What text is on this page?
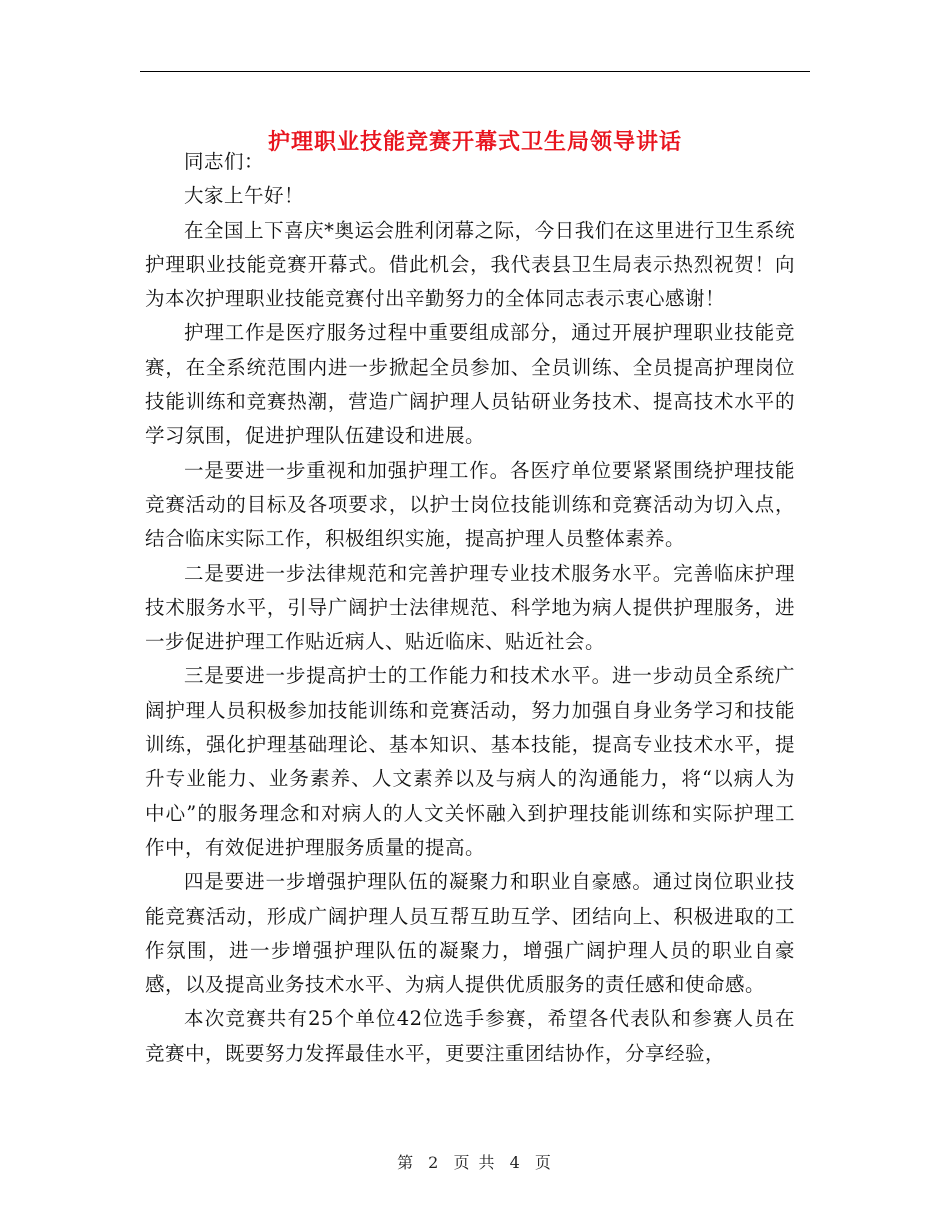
护理职业技能竞赛开幕式卫生局领导讲话

同志们：

大家上午好！

在全国上下喜庆*奥运会胜利闭幕之际，今日我们在这里进行卫生系统护理职业技能竞赛开幕式。借此机会，我代表县卫生局表示热烈祝贺！向为本次护理职业技能竞赛付出辛勤努力的全体同志表示衷心感谢！

护理工作是医疗服务过程中重要组成部分，通过开展护理职业技能竞赛，在全系统范围内进一步掀起全员参加、全员训练、全员提高护理岗位技能训练和竞赛热潮，营造广阔护理人员钻研业务技术、提高技术水平的学习氛围，促进护理队伍建设和进展。

一是要进一步重视和加强护理工作。各医疗单位要紧紧围绕护理技能竞赛活动的目标及各项要求，以护士岗位技能训练和竞赛活动为切入点，结合临床实际工作，积极组织实施，提高护理人员整体素养。

二是要进一步法律规范和完善护理专业技术服务水平。完善临床护理技术服务水平，引导广阔护士法律规范、科学地为病人提供护理服务，进一步促进护理工作贴近病人、贴近临床、贴近社会。

三是要进一步提高护士的工作能力和技术水平。进一步动员全系统广阔护理人员积极参加技能训练和竞赛活动，努力加强自身业务学习和技能训练，强化护理基础理论、基本知识、基本技能，提高专业技术水平，提升专业能力、业务素养、人文素养以及与病人的沟通能力，将“以病人为中心”的服务理念和对病人的人文关怀融入到护理技能训练和实际护理工作中，有效促进护理服务质量的提高。

四是要进一步增强护理队伍的凝聚力和职业自豪感。通过岗位职业技能竞赛活动，形成广阔护理人员互帮互助互学、团结向上、积极进取的工作氛围，进一步增强护理队伍的凝聚力，增强广阔护理人员的职业自豪感，以及提高业务技术水平、为病人提供优质服务的责任感和使命感。

本次竞赛共有25个单位42位选手参赛，希望各代表队和参赛人员在竞赛中，既要努力发挥最佳水平，更要注重团结协作，分享经验，

第 2 页 共 4 页
